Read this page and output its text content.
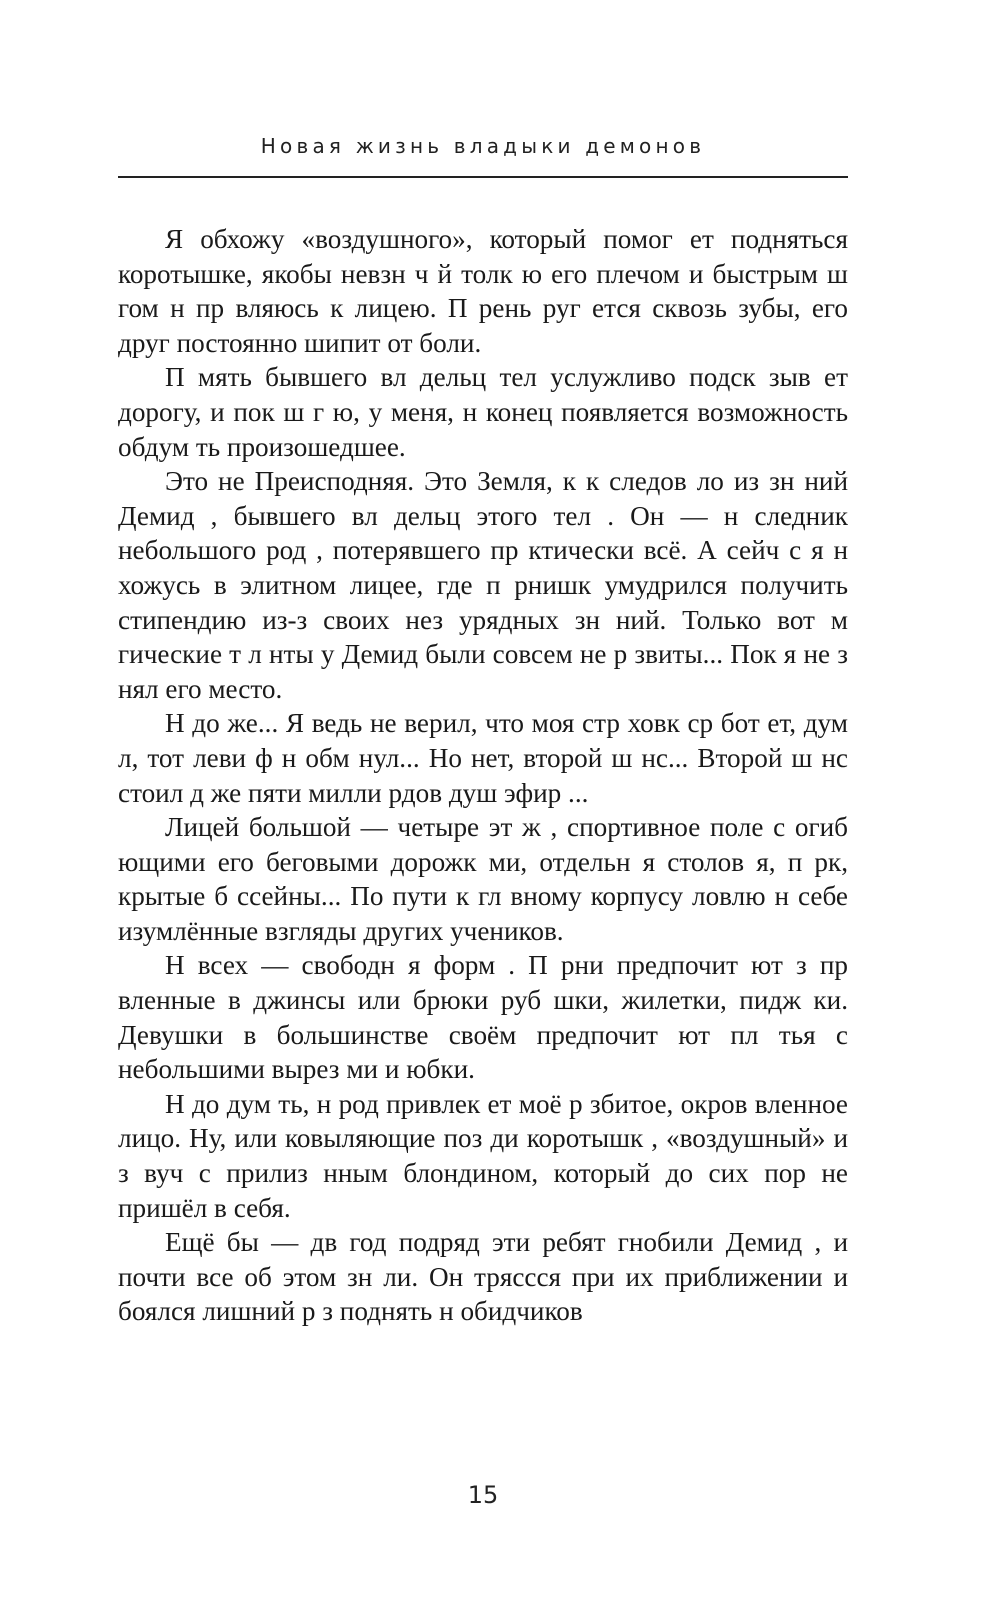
Новая жизнь владыки демонов

Я обхожу «воздушного», который помог ет подняться коротышке, якобы невзн ч й толк ю его плечом и быстрым ш гом н пр вляюсь к лицею. П рень руг ется сквозь зубы, его друг постоянно шипит от боли.

П мять бывшего вл дельц тел услужливо подск зыв ет дорогу, и пок ш г ю, у меня, н конец появляется возможность обдум ть произошедшее.

Это не Преисподняя. Это Земля, к к следов ло из зн ний Демид , бывшего вл дельц этого тел . Он — н следник небольшого род , потерявшего пр ктически всё. А сейч с я н хожусь в элитном лицее, где п рнишк умудрился получить стипендию из-з своих нез урядных зн ний. Только вот м гические т л нты у Демид были совсем не р звиты... Пок я не з нял его место.

Н до же... Я ведь не верил, что моя стр ховк ср бот ет, дум л, тот леви ф н обм нул... Но нет, второй ш нс... Второй ш нс стоил д же пяти милли рдов душ эфир ...

Лицей большой — четыре эт ж , спортивное поле с огиб ющими его беговыми дорожк ми, отдельн я столов я, п рк, крытые б ссейны... По пути к гл вному корпусу ловлю н себе изумлённые взгляды других учеников.

Н всех — свободн я форм . П рни предпочит ют з пр вленные в джинсы или брюки руб шки, жилетки, пидж ки. Девушки в большинстве своём предпочит ют пл тья с небольшими вырез ми и юбки.

Н до дум ть, н род привлек ет моё р збитое, окров вленное лицо. Ну, или ковыляющие поз ди коротышк , «воздушный» и з вуч с прилиз нным блондином, который до сих пор не пришёл в себя.

Ещё бы — дв год подряд эти ребят гнобили Демид , и почти все об этом зн ли. Он тряссся при их приближении и боялся лишний р з поднять н обидчиков

15
